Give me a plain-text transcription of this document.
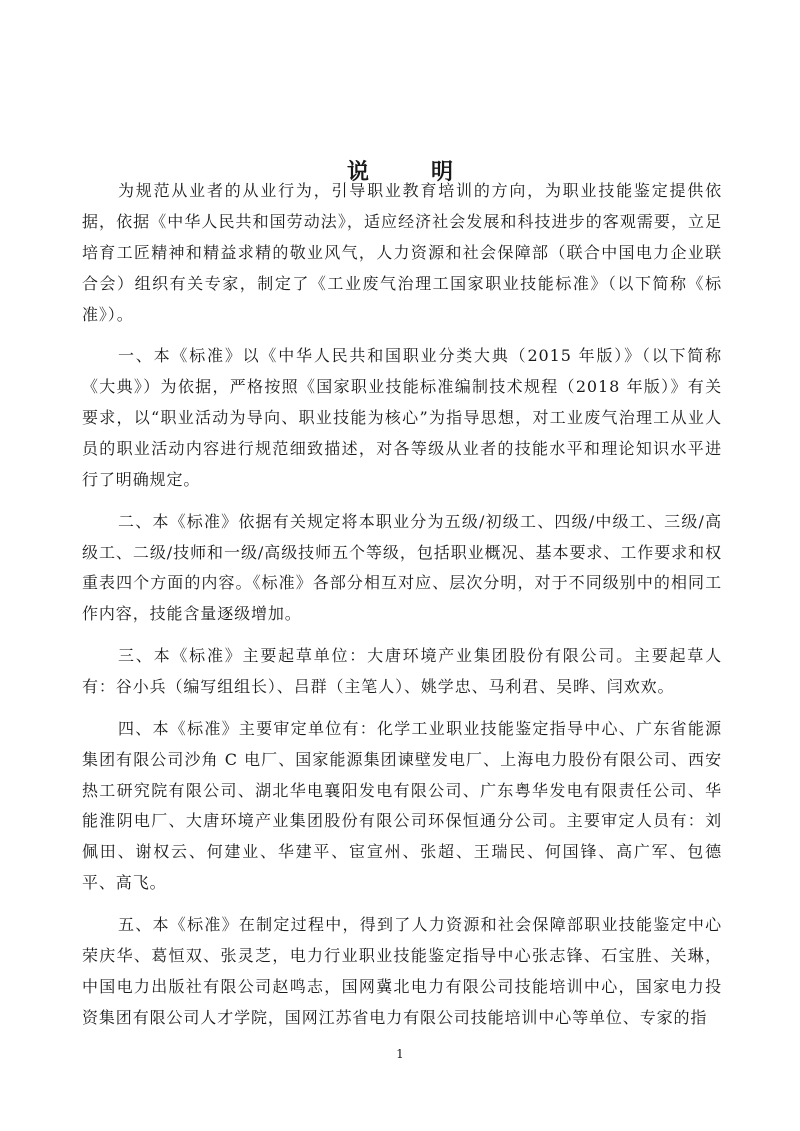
说　明

为规范从业者的从业行为，引导职业教育培训的方向，为职业技能鉴定提供依据，依据《中华人民共和国劳动法》，适应经济社会发展和科技进步的客观需要，立足培育工匠精神和精益求精的敬业风气，人力资源和社会保障部（联合中国电力企业联合会）组织有关专家，制定了《工业废气治理工国家职业技能标准》（以下简称《标准》）。

一、本《标准》以《中华人民共和国职业分类大典（2015 年版）》（以下简称《大典》）为依据，严格按照《国家职业技能标准编制技术规程（2018 年版）》有关要求，以“职业活动为导向、职业技能为核心”为指导思想，对工业废气治理工从业人员的职业活动内容进行规范细致描述，对各等级从业者的技能水平和理论知识水平进行了明确规定。

二、本《标准》依据有关规定将本职业分为五级/初级工、四级/中级工、三级/高级工、二级/技师和一级/高级技师五个等级，包括职业概况、基本要求、工作要求和权重表四个方面的内容。《标准》各部分相互对应、层次分明，对于不同级别中的相同工作内容，技能含量逐级增加。

三、本《标准》主要起草单位：大唐环境产业集团股份有限公司。主要起草人有：谷小兵（编写组组长）、吕群（主笔人）、姚学忠、马利君、吴晔、闫欢欢。

四、本《标准》主要审定单位有：化学工业职业技能鉴定指导中心、广东省能源集团有限公司沙角 C 电厂、国家能源集团谏壁发电厂、上海电力股份有限公司、西安热工研究院有限公司、湖北华电襄阳发电有限公司、广东粤华发电有限责任公司、华能淮阴电厂、大唐环境产业集团股份有限公司环保恒通分公司。主要审定人员有：刘佩田、谢权云、何建业、华建平、宦宣州、张超、王瑞民、何国锋、高广军、包德平、高飞。

五、本《标准》在制定过程中，得到了人力资源和社会保障部职业技能鉴定中心荣庆华、葛恒双、张灵芝，电力行业职业技能鉴定指导中心张志锋、石宝胜、关琳，中国电力出版社有限公司赵鸣志，国网冀北电力有限公司技能培训中心，国家电力投资集团有限公司人才学院，国网江苏省电力有限公司技能培训中心等单位、专家的指

1
